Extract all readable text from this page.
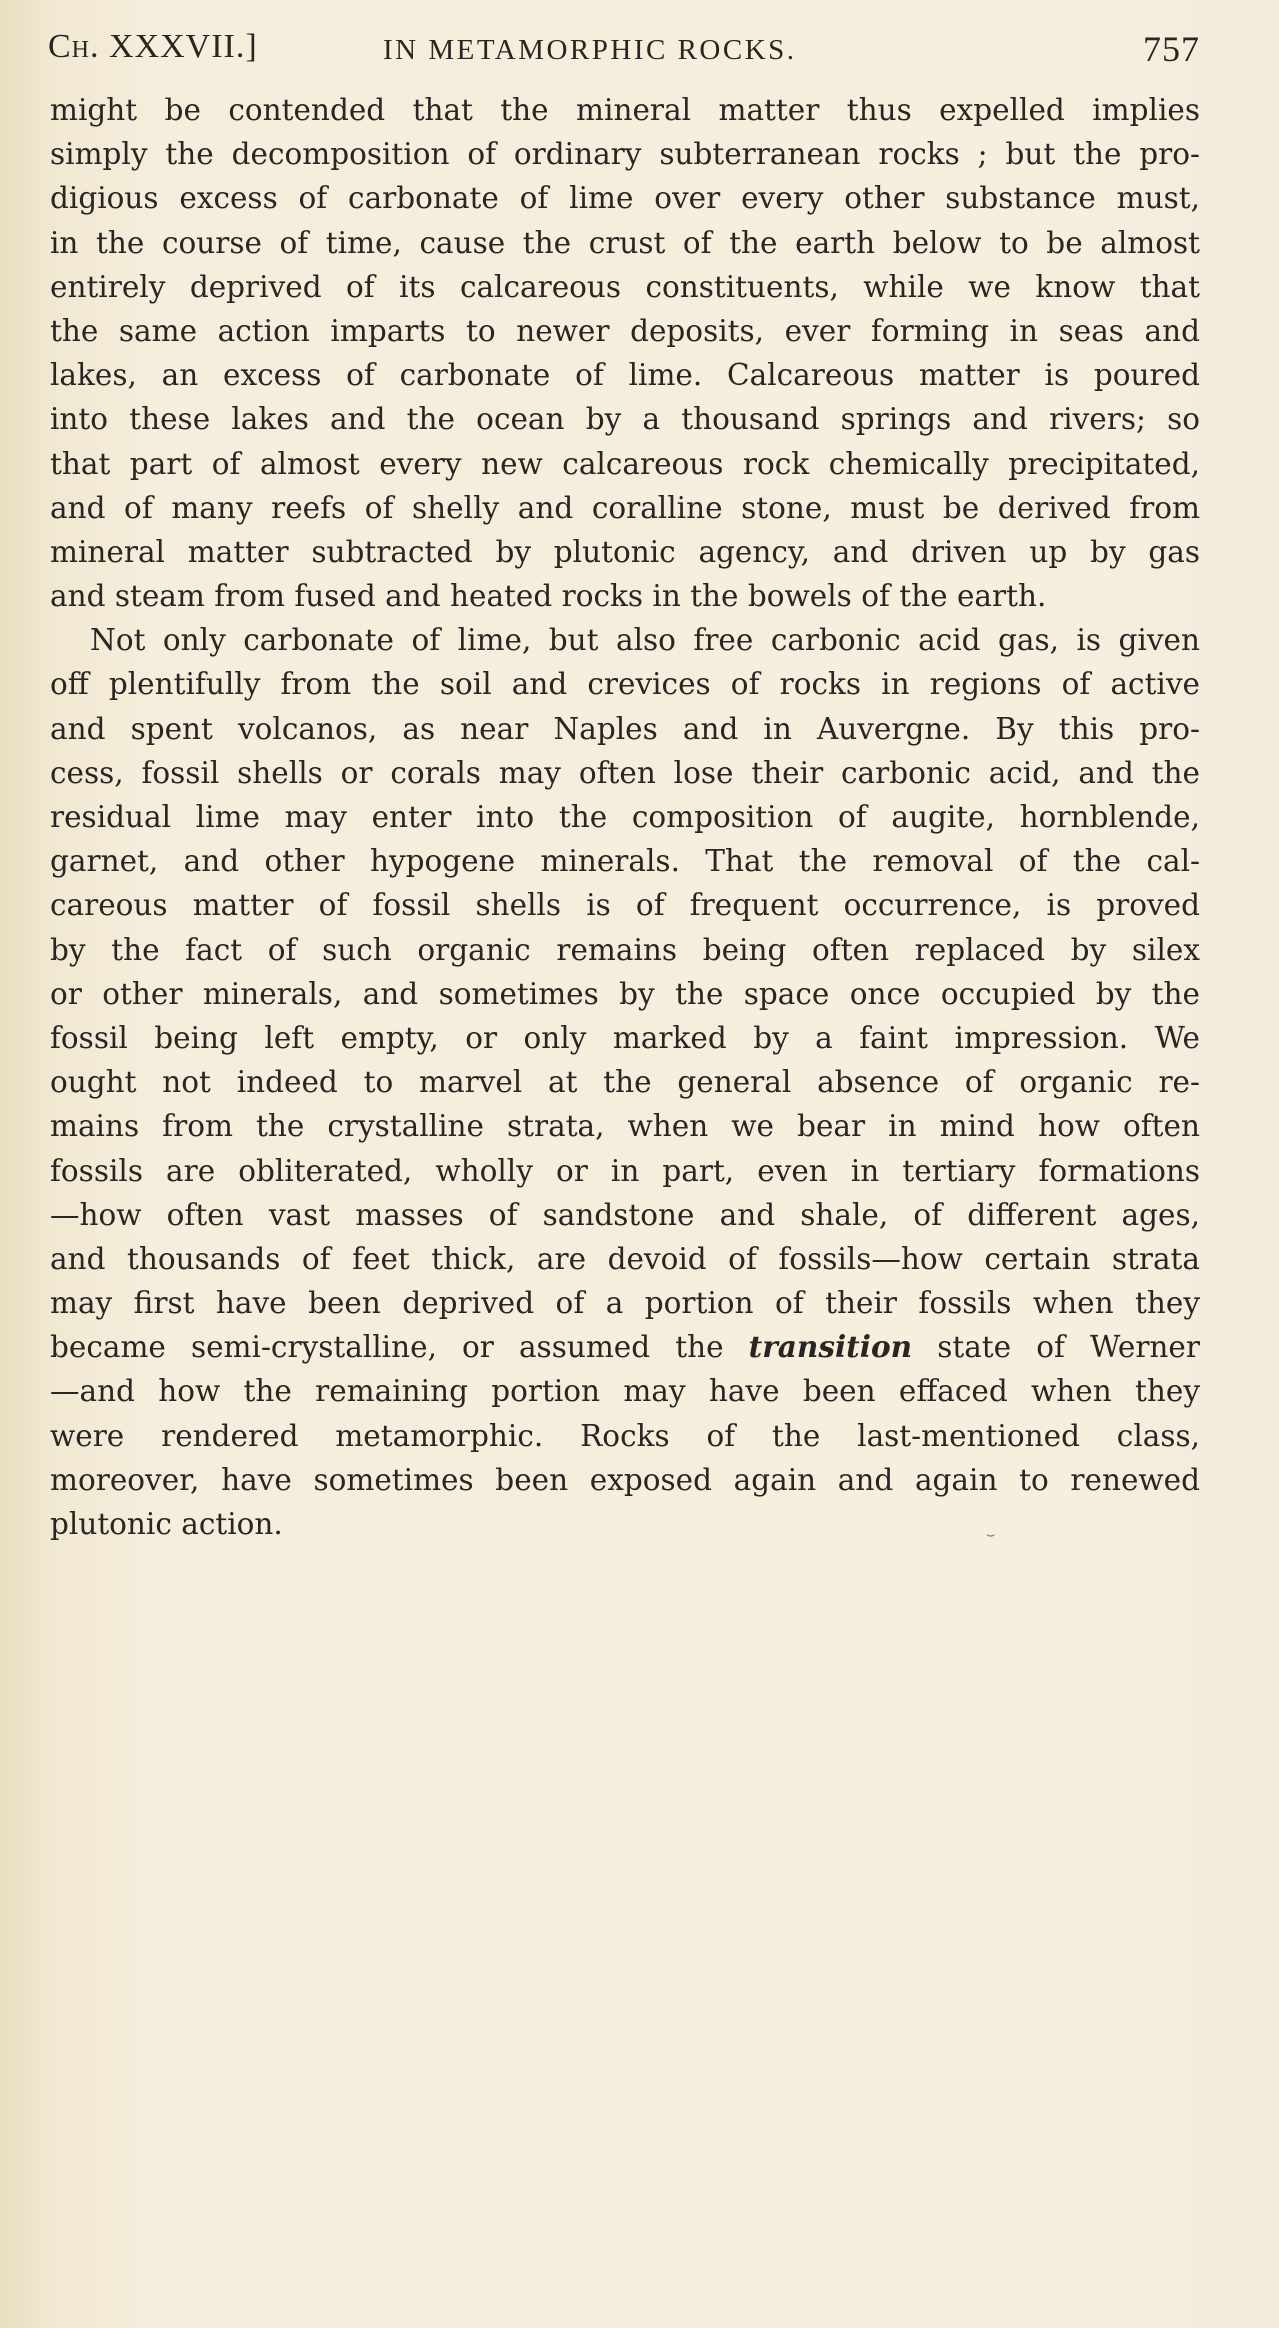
Ch. XXXVII.]	IN METAMORPHIC ROCKS.	757
might be contended that the mineral matter thus expelled implies
simply the decomposition of ordinary subterranean rocks ; but the pro-
digious excess of carbonate of lime over every other substance must,
in the course of time, cause the crust of the earth below to be almost
entirely deprived of its calcareous constituents, while we know that
the same action imparts to newer deposits, ever forming in seas and
lakes, an excess of carbonate of lime. Calcareous matter is poured
into these lakes and the ocean by a thousand springs and rivers; so
that part of almost every new calcareous rock chemically precipitated,
and of many reefs of shelly and coralline stone, must be derived from
mineral matter subtracted by plutonic agency, and driven up by gas
and steam from fused and heated rocks in the bowels of the earth.
Not only carbonate of lime, but also free carbonic acid gas, is given
off plentifully from the soil and crevices of rocks in regions of active
and spent volcanos, as near Naples and in Auvergne. By this pro-
cess, fossil shells or corals may often lose their carbonic acid, and the
residual lime may enter into the composition of augite, hornblende,
garnet, and other hypogene minerals. That the removal of the cal-
careous matter of fossil shells is of frequent occurrence, is proved
by the fact of such organic remains being often replaced by silex
or other minerals, and sometimes by the space once occupied by the
fossil being left empty, or only marked by a faint impression. We
ought not indeed to marvel at the general absence of organic re-
mains from the crystalline strata, when we bear in mind how often
fossils are obliterated, wholly or in part, even in tertiary formations
—how often vast masses of sandstone and shale, of different ages,
and thousands of feet thick, are devoid of fossils—how certain strata
may first have been deprived of a portion of their fossils when they
became semi-crystalline, or assumed the transition state of Werner
—and how the remaining portion may have been effaced when they
were rendered metamorphic. Rocks of the last-mentioned class,
moreover, have sometimes been exposed again and again to renewed
plutonic action.	⌣
